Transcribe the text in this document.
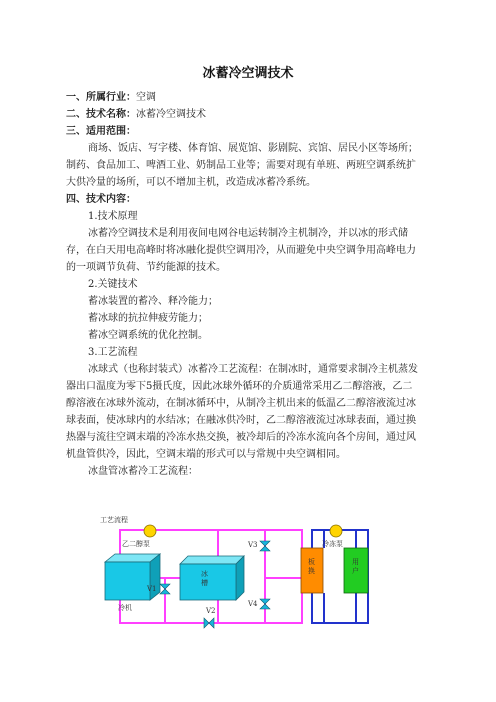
冰蓄冷空调技术
一、所属行业：空调
二、技术名称：冰蓄冷空调技术
三、适用范围：
商场、饭店、写字楼、体育馆、展览馆、影剧院、宾馆、居民小区等场所；
制药、食品加工、啤酒工业、奶制品工业等；需要对现有单班、两班空调系统扩
大供冷量的场所，可以不增加主机，改造成冰蓄冷系统。
四、技术内容：
1.技术原理
冰蓄冷空调技术是利用夜间电网谷电运转制冷主机制冷，并以冰的形式储
存，在白天用电高峰时将冰融化提供空调用冷，从而避免中央空调争用高峰电力
的一项调节负荷、节约能源的技术。
2.关键技术
蓄冰装置的蓄冷、释冷能力；
蓄冰球的抗拉伸疲劳能力；
蓄冰空调系统的优化控制。
3.工艺流程
冰球式（也称封装式）冰蓄冷工艺流程：在制冰时，通常要求制冷主机蒸发
器出口温度为零下5摄氏度，因此冰球外循环的介质通常采用乙二醇溶液，乙二
醇溶液在冰球外流动，在制冰循环中，从制冷主机出来的低温乙二醇溶液流过冰
球表面，使冰球内的水结冰；在融冰供冷时，乙二醇溶液流过冰球表面，通过换
热器与流往空调末端的冷冻水热交换，被冷却后的冷冻水流向各个房间，通过风
机盘管供冷，因此，空调末端的形式可以与常规中央空调相同。
冰盘管冰蓄冷工艺流程：
工艺流程
乙二醇泵	冷冻泵
冷机
冰槽
板换
用户
V3
V1
V4
V2
